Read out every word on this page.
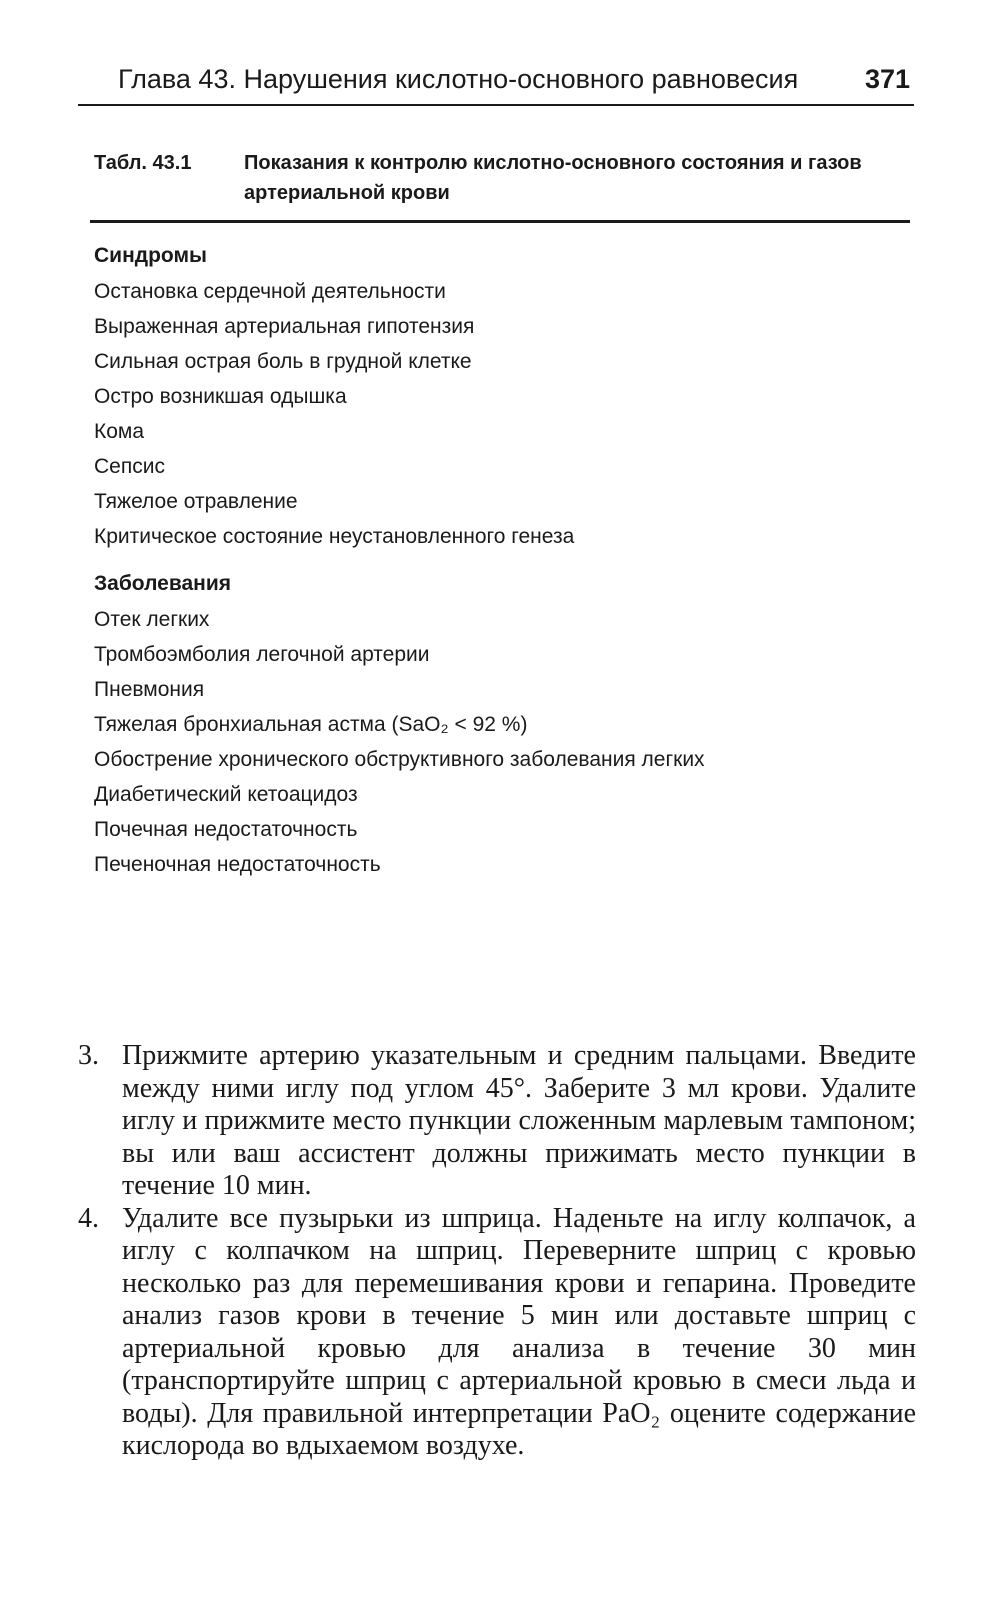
Глава 43. Нарушения кислотно-основного равновесия 371
Табл. 43.1	Показания к контролю кислотно-основного состояния и газов артериальной крови
Синдромы
Остановка сердечной деятельности
Выраженная артериальная гипотензия
Сильная острая боль в грудной клетке
Остро возникшая одышка
Кома
Сепсис
Тяжелое отравление
Критическое состояние неустановленного генеза
Заболевания
Отек легких
Тромбоэмболия легочной артерии
Пневмония
Тяжелая бронхиальная астма (SaO₂ < 92 %)
Обострение хронического обструктивного заболевания легких
Диабетический кетоацидоз
Почечная недостаточность
Печеночная недостаточность
3. Прижмите артерию указательным и средним пальцами. Введите между ними иглу под углом 45°. Заберите 3 мл крови. Удалите иглу и прижмите место пункции сложенным марлевым тампоном; вы или ваш ассистент должны прижимать место пункции в течение 10 мин.
4. Удалите все пузырьки из шприца. Наденьте на иглу колпачок, а иглу с колпачком на шприц. Переверните шприц с кровью несколько раз для перемешивания крови и гепарина. Проведите анализ газов крови в течение 5 мин или доставьте шприц с артериальной кровью для анализа в течение 30 мин (транспортируйте шприц с артериальной кровью в смеси льда и воды). Для правильной интерпретации PaO₂ оцените содержание кислорода во вдыхаемом воздухе.
